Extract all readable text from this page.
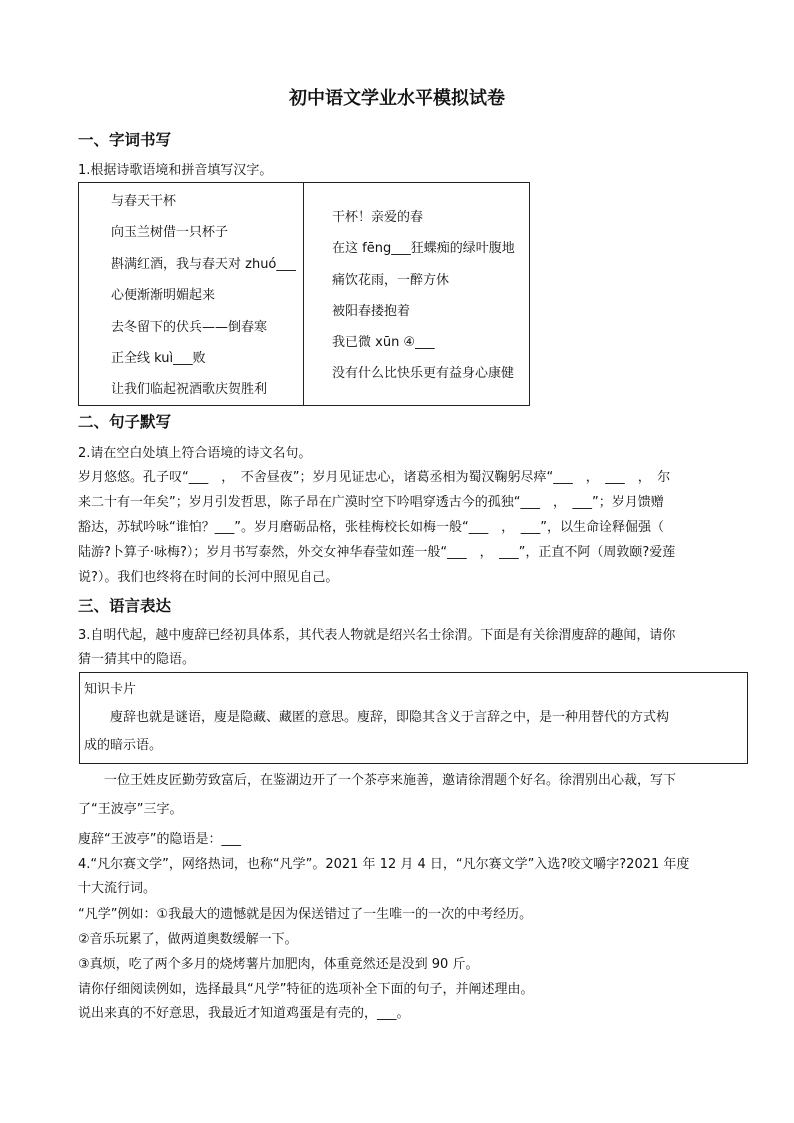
初中语文学业水平模拟试卷
一、字词书写
1.根据诗歌语境和拼音填写汉字。
与春天干杯
向玉兰树借一只杯子
斟满红酒，我与春天对 zhuó___
心便渐渐明媚起来
去冬留下的伏兵——倒春寒
正全线 kuì___败
让我们临起祝酒歌庆贺胜利
干杯！亲爱的春
在这 fēng___狂蝶痴的绿叶腹地
痛饮花雨，一醉方休
被阳春搂抱着
我已微 xūn ④___
没有什么比快乐更有益身心康健
二、句子默写
2.请在空白处填上符合语境的诗文名句。
岁月悠悠。孔子叹“___　，　不舍昼夜”；岁月见证忠心，诸葛丞相为蜀汉鞠躬尽瘁“___　，　___　，　尔
来二十有一年矣”；岁月引发哲思，陈子昂在广漠时空下吟唱穿透古今的孤独“___　，　___”；岁月馈赠
豁达，苏轼吟咏“谁怕？___”。岁月磨砺品格，张桂梅校长如梅一般“___　，　___”，以生命诠释倔强（
陆游?卜算子·咏梅?）；岁月书写泰然，外交女神华春莹如莲一般“___　，　___”，正直不阿（周敦颐?爱莲
说?）。我们也终将在时间的长河中照见自己。
三、语言表达
3.自明代起，越中廋辞已经初具体系，其代表人物就是绍兴名士徐渭。下面是有关徐渭廋辞的趣闻，请你
猜一猜其中的隐语。
知识卡片
　　廋辞也就是谜语，廋是隐藏、藏匿的意思。廋辞，即隐其含义于言辞之中，是一种用替代的方式构
成的暗示语。
　　一位王姓皮匠勤劳致富后，在鉴湖边开了一个茶亭来施善，邀请徐渭题个好名。徐渭别出心裁，写下
了“王波亭”三字。
廋辞“王波亭”的隐语是：___
4.“凡尔赛文学”，网络热词，也称“凡学”。2021 年 12 月 4 日，“凡尔赛文学”入选?咬文嚼字?2021 年度
十大流行词。
“凡学”例如：①我最大的遗憾就是因为保送错过了一生唯一的一次的中考经历。
②音乐玩累了，做两道奥数缓解一下。
③真烦，吃了两个多月的烧烤薯片加肥肉，体重竟然还是没到 90 斤。
请你仔细阅读例如，选择最具“凡学”特征的选项补全下面的句子，并阐述理由。
说出来真的不好意思，我最近才知道鸡蛋是有壳的，___。
